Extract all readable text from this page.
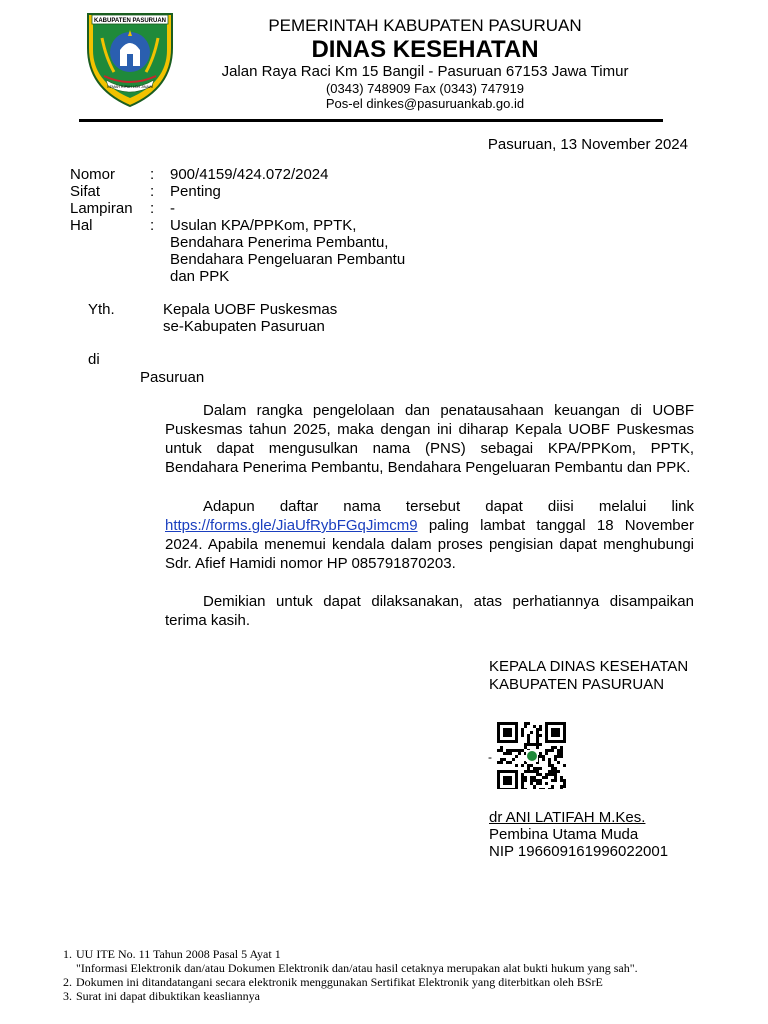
KABUPATEN PASURUAN
GEMAH RIPAH LOH JINAWI
PEMERINTAH KABUPATEN PASURUAN
DINAS KESEHATAN
Jalan Raya Raci Km 15 Bangil - Pasuruan 67153 Jawa Timur
(0343) 748909 Fax (0343) 747919
Pos-el dinkes@pasuruankab.go.id
Pasuruan, 13 November 2024
Nomor	:	900/4159/424.072/2024
Sifat	:	Penting
Lampiran	:	-
Hal	:	Usulan KPA/PPKom, PPTK,
Bendahara Penerima Pembantu,
Bendahara Pengeluaran Pembantu
dan PPK
Yth.	Kepala UOBF Puskesmas
se-Kabupaten Pasuruan
di
Pasuruan
Dalam rangka pengelolaan dan penatausahaan keuangan di UOBF Puskesmas tahun 2025, maka dengan ini diharap Kepala UOBF Puskesmas untuk dapat mengusulkan nama (PNS) sebagai KPA/PPKom, PPTK, Bendahara Penerima Pembantu, Bendahara Pengeluaran Pembantu dan PPK.
Adapun daftar nama tersebut dapat diisi melalui link https://forms.gle/JiaUfRybFGqJimcm9 paling lambat tanggal 18 November 2024. Apabila menemui kendala dalam proses pengisian dapat menghubungi Sdr. Afief Hamidi nomor HP 085791870203.
Demikian untuk dapat dilaksanakan, atas perhatiannya disampaikan terima kasih.
KEPALA DINAS KESEHATAN
KABUPATEN PASURUAN
-
dr ANI LATIFAH M.Kes.
Pembina Utama Muda
NIP 196609161996022001
1. UU ITE No. 11 Tahun 2008 Pasal 5 Ayat 1
"Informasi Elektronik dan/atau Dokumen Elektronik dan/atau hasil cetaknya merupakan alat bukti hukum yang sah".
2. Dokumen ini ditandatangani secara elektronik menggunakan Sertifikat Elektronik yang diterbitkan oleh BSrE
3. Surat ini dapat dibuktikan keasliannya
